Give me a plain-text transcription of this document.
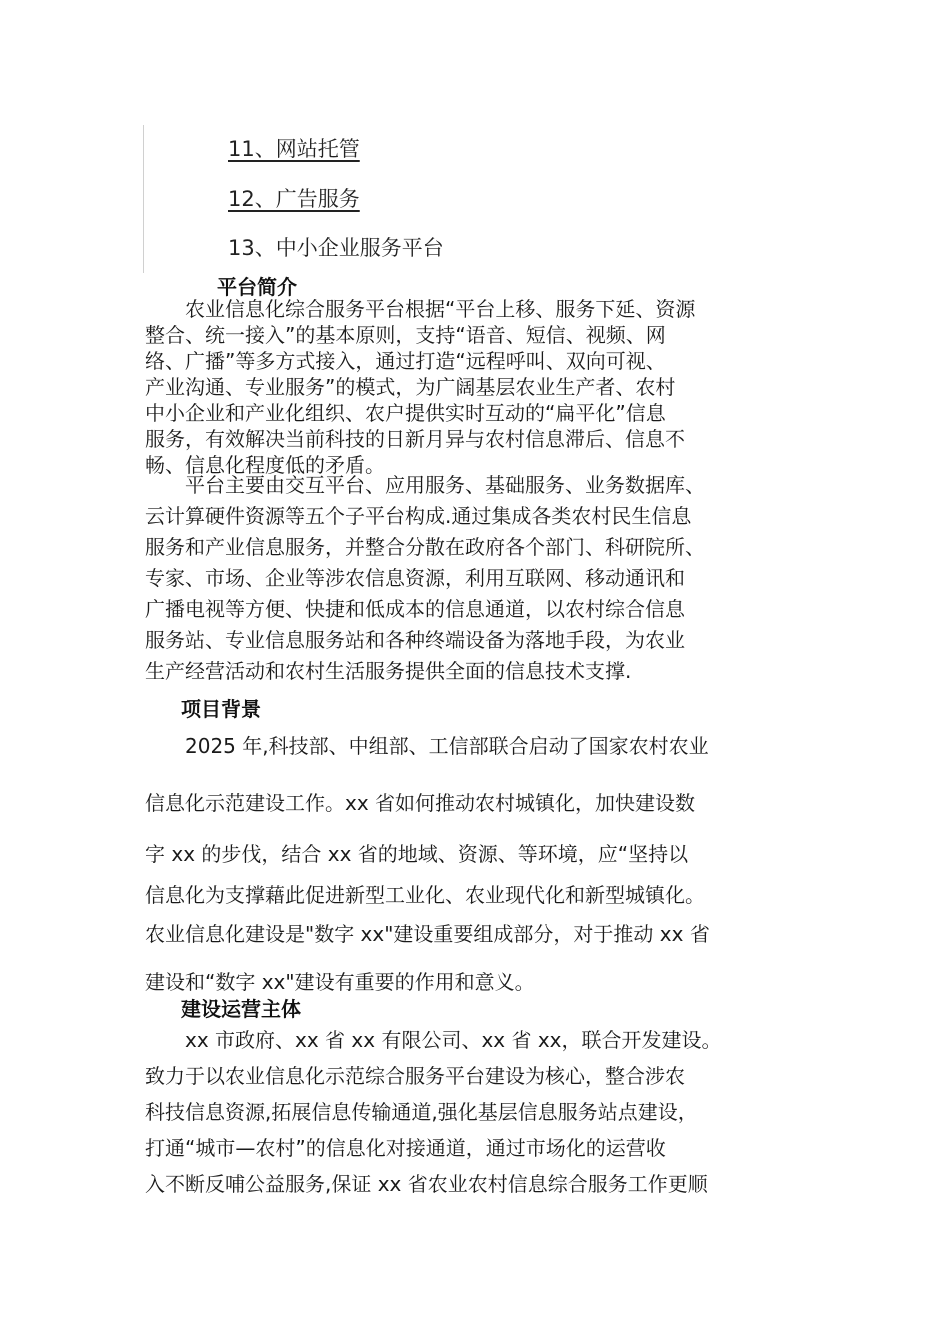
11、网站托管
12、广告服务
13、中小企业服务平台
平台简介
　　农业信息化综合服务平台根据“平台上移、服务下延、资源
整合、统一接入”的基本原则，支持“语音、短信、视频、网
络、广播”等多方式接入，通过打造“远程呼叫、双向可视、
产业沟通、专业服务”的模式，为广阔基层农业生产者、农村
中小企业和产业化组织、农户提供实时互动的“扁平化”信息
服务，有效解决当前科技的日新月异与农村信息滞后、信息不
畅、信息化程度低的矛盾。
　　平台主要由交互平台、应用服务、基础服务、业务数据库、
云计算硬件资源等五个子平台构成.通过集成各类农村民生信息
服务和产业信息服务，并整合分散在政府各个部门、科研院所、
专家、市场、企业等涉农信息资源，利用互联网、移动通讯和
广播电视等方便、快捷和低成本的信息通道，以农村综合信息
服务站、专业信息服务站和各种终端设备为落地手段，为农业
生产经营活动和农村生活服务提供全面的信息技术支撑.
项目背景
　　2025 年,科技部、中组部、工信部联合启动了国家农村农业
信息化示范建设工作。xx 省如何推动农村城镇化，加快建设数
字 xx 的步伐，结合 xx 省的地域、资源、等环境，应“坚持以
信息化为支撑藉此促进新型工业化、农业现代化和新型城镇化。
农业信息化建设是"数字 xx"建设重要组成部分，对于推动 xx 省
建设和“数字 xx"建设有重要的作用和意义。
建设运营主体
　　xx 市政府、xx 省 xx 有限公司、xx 省 xx，联合开发建设。
致力于以农业信息化示范综合服务平台建设为核心，整合涉农
科技信息资源,拓展信息传输通道,强化基层信息服务站点建设，
打通“城市—农村”的信息化对接通道，通过市场化的运营收
入不断反哺公益服务,保证 xx 省农业农村信息综合服务工作更顺
